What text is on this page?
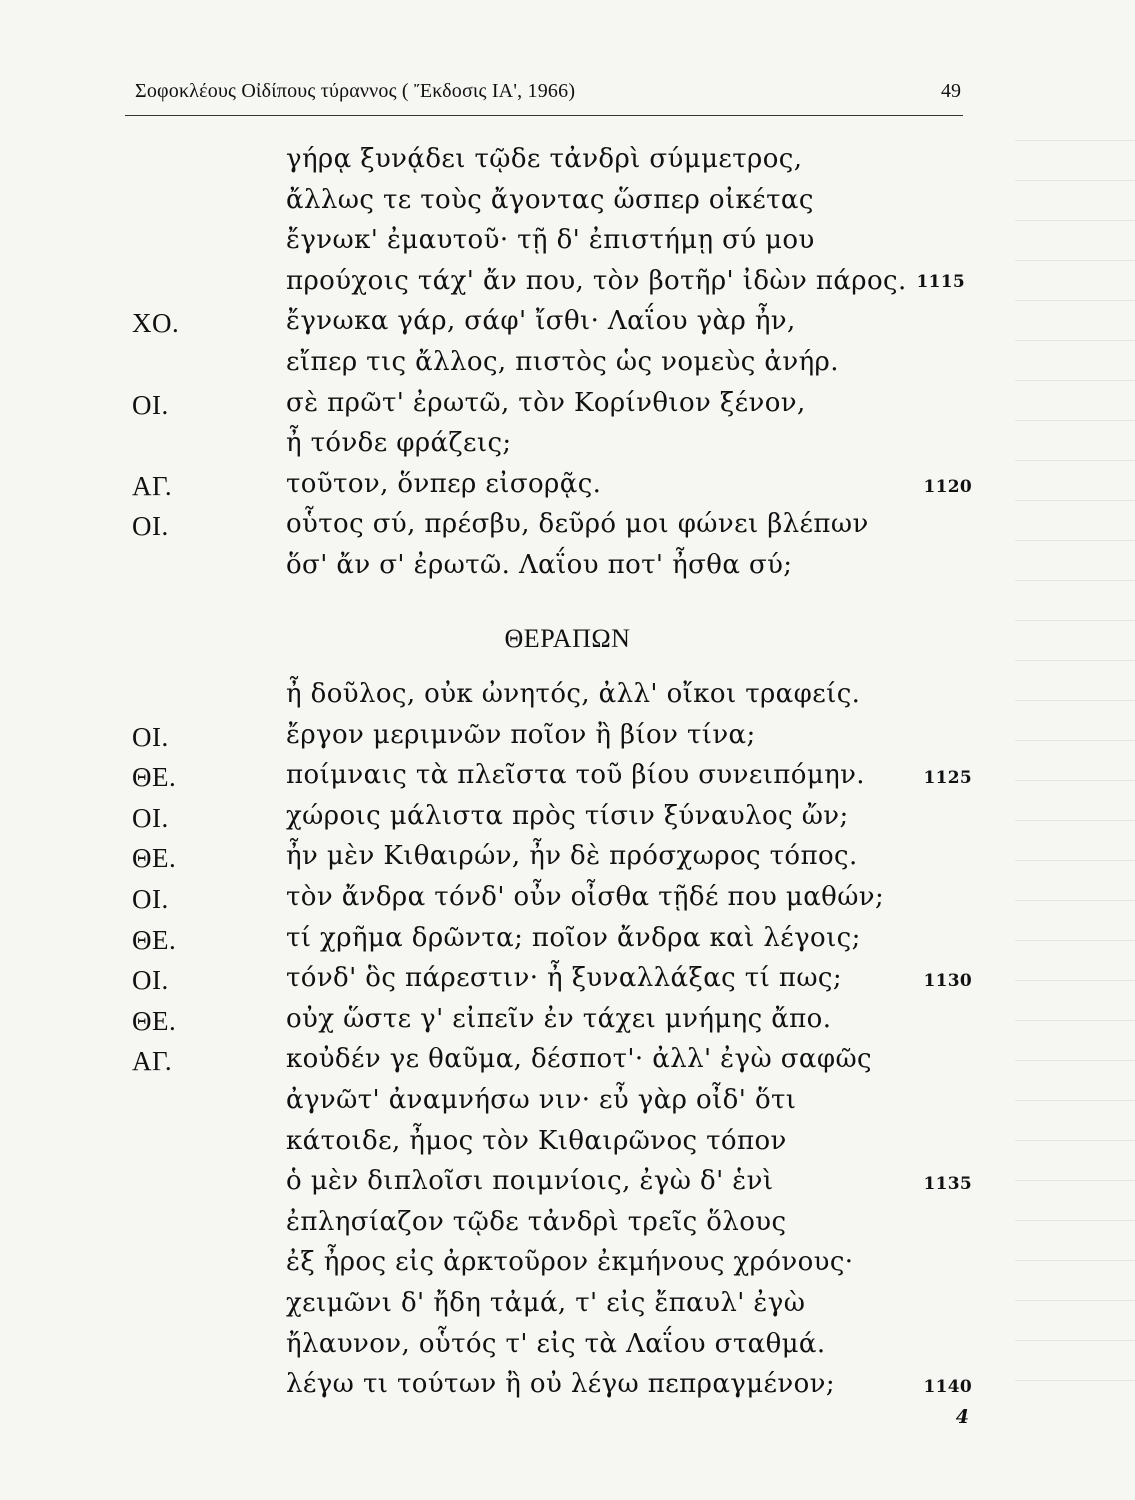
Σοφοκλέους Οἰδίπους τύραννος ( Ἔκδοσις ΙΑ', 1966)	49
γήρᾳ ξυνᾴδει τῷδε τἀνδρὶ σύμμετρος,
ἄλλως τε τοὺς ἄγοντας ὥσπερ οἰκέτας
ἔγνωκ' ἐμαυτοῦ· τῇ δ' ἐπιστήμῃ σύ μου
προύχοις τάχ' ἄν που, τὸν βοτῆρ' ἰδὼν πάρος. 1115
ΧΟ.	ἔγνωκα γάρ, σάφ' ἴσθι· Λαΐου γὰρ ἦν,
εἴπερ τις ἄλλος, πιστὸς ὡς νομεὺς ἀνήρ.
ΟΙ.	σὲ πρῶτ' ἐρωτῶ, τὸν Κορίνθιον ξένον,
ἦ τόνδε φράζεις;
ΑΓ.	τοῦτον, ὅνπερ εἰσορᾷς.	1120
ΟΙ.	οὗτος σύ, πρέσβυ, δεῦρό μοι φώνει βλέπων
ὅσ' ἄν σ' ἐρωτῶ. Λαΐου ποτ' ἦσθα σύ;
ΘΕΡΑΠΩΝ
ἦ δοῦλος, οὐκ ὠνητός, ἀλλ' οἴκοι τραφείς.
ΟΙ.	ἔργον μεριμνῶν ποῖον ἢ βίον τίνα;
ΘΕ.	ποίμναις τὰ πλεῖστα τοῦ βίου συνειπόμην.	1125
ΟΙ.	χώροις μάλιστα πρὸς τίσιν ξύναυλος ὤν;
ΘΕ.	ἦν μὲν Κιθαιρών, ἦν δὲ πρόσχωρος τόπος.
ΟΙ.	τὸν ἄνδρα τόνδ' οὖν οἶσθα τῇδέ που μαθών;
ΘΕ.	τί χρῆμα δρῶντα; ποῖον ἄνδρα καὶ λέγοις;
ΟΙ.	τόνδ' ὃς πάρεστιν· ἦ ξυναλλάξας τί πως;	1130
ΘΕ.	οὐχ ὥστε γ' εἰπεῖν ἐν τάχει μνήμης ἄπο.
ΑΓ.	κοὐδέν γε θαῦμα, δέσποτ'· ἀλλ' ἐγὼ σαφῶς
ἀγνῶτ' ἀναμνήσω νιν· εὖ γὰρ οἶδ' ὅτι
κάτοιδε, ἦμος τὸν Κιθαιρῶνος τόπον
ὁ μὲν διπλοῖσι ποιμνίοις, ἐγὼ δ' ἑνὶ	1135
ἐπλησίαζον τῷδε τἀνδρὶ τρεῖς ὅλους
ἐξ ἦρος εἰς ἀρκτοῦρον ἐκμήνους χρόνους·
χειμῶνι δ' ἤδη τἀμά, τ' εἰς ἔπαυλ' ἐγὼ
ἤλαυνον, οὗτός τ' εἰς τὰ Λαΐου σταθμά.
λέγω τι τούτων ἢ οὐ λέγω πεπραγμένον;	1140
4
